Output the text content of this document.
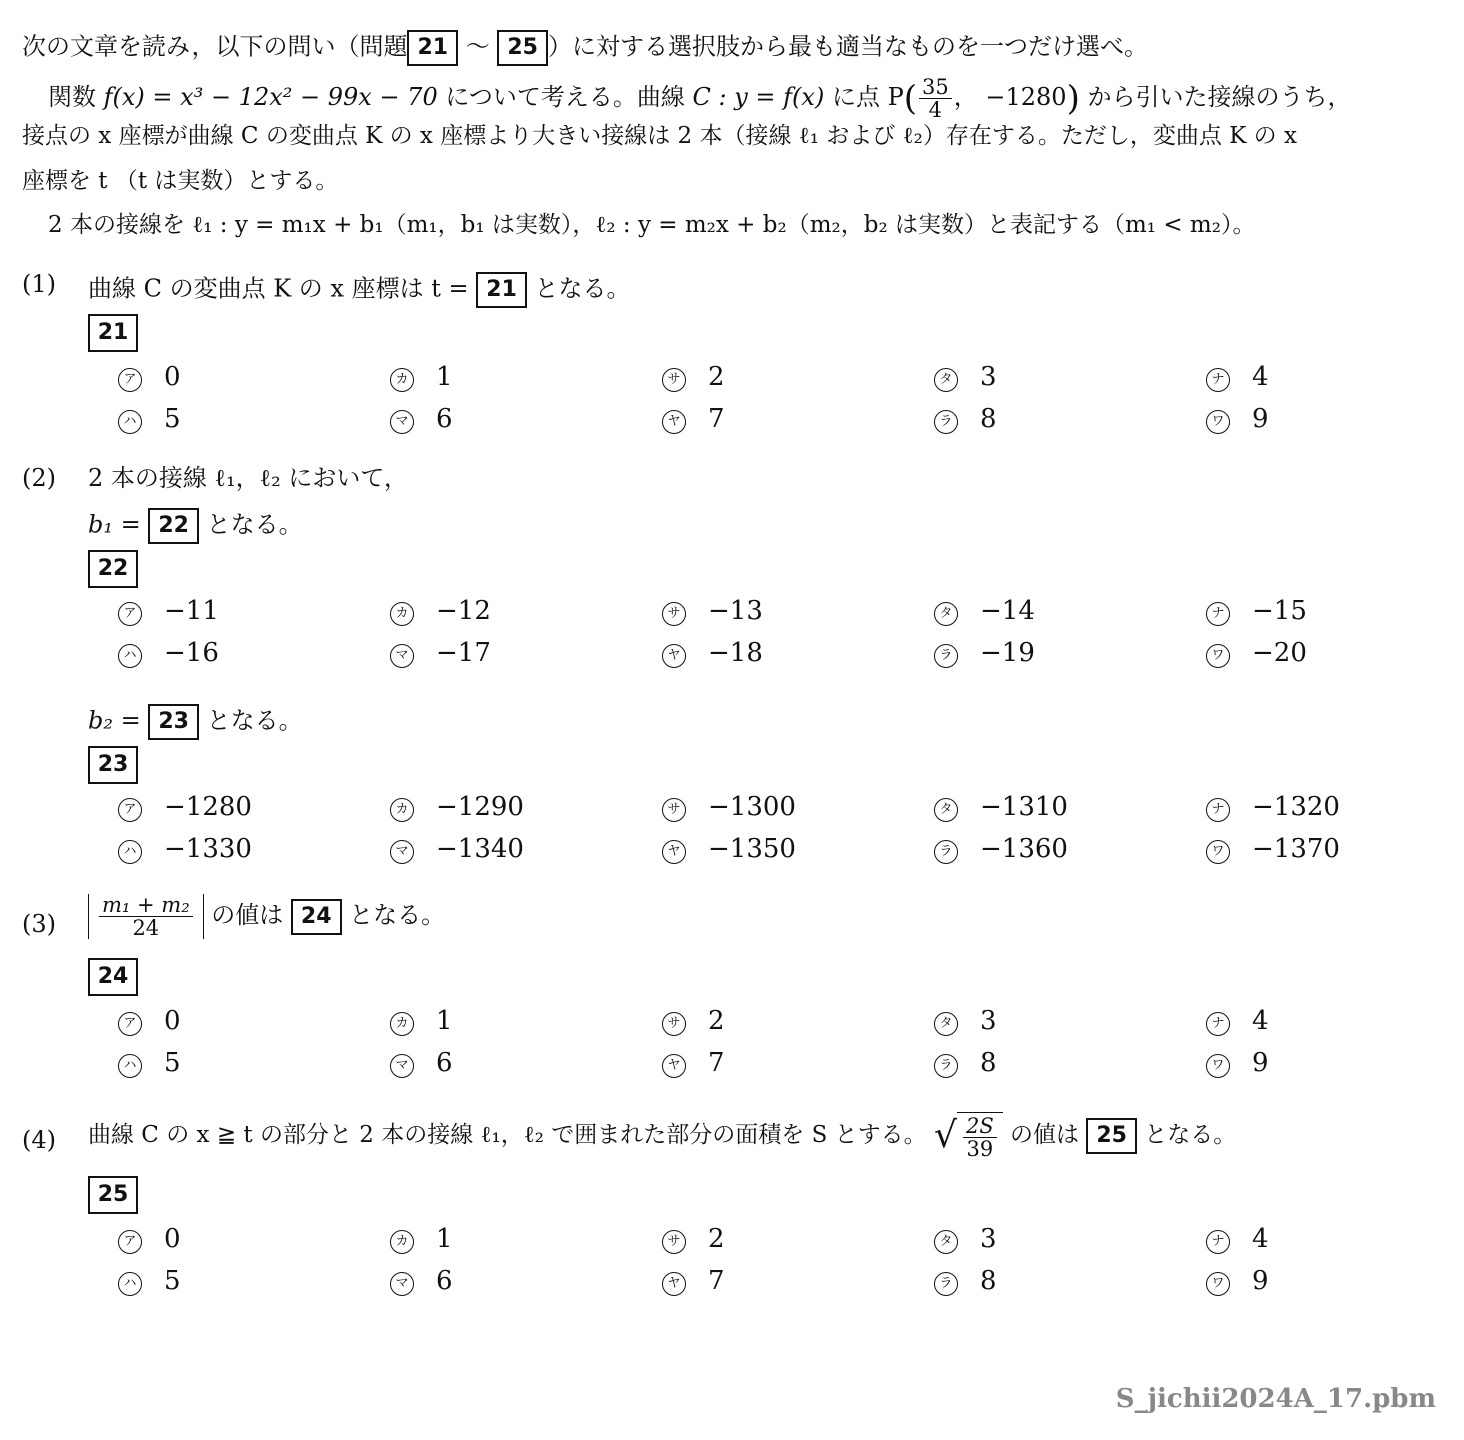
次の文章を読み，以下の問い（問題 21 〜 25 ）に対する選択肢から最も適当なものを一つだけ選べ。
関数 f(x) = x³ − 12x² − 99x − 70 について考える。曲線 C : y = f(x) に点 $P( \frac{35}{4}$ ， −1280) から引いた接線のうち，
接点の x 座標が曲線 C の変曲点 K の x 座標より大きい接線は 2 本（接線 ℓ₁ および ℓ₂）存在する。ただし，変曲点 K の x
座標を t （t は実数）とする。
2 本の接線を ℓ₁ : y = m₁x + b₁（m₁，b₁ は実数），ℓ₂ : y = m₂x + b₂（m₂，b₂ は実数）と表記する（m₁ < m₂）。
(1) 曲線 C の変曲点 K の x 座標は t = 21 となる。
21
ア 0	カ 1	サ 2	タ 3	ナ 4
ハ 5	マ 6	ヤ 7	ラ 8	ワ 9
(2) 2 本の接線 ℓ₁，ℓ₂ において，
b₁ = 22 となる。
22
ア −11	カ −12	サ −13	タ −14	ナ −15
ハ −16	マ −17	ヤ −18	ラ −19	ワ −20
b₂ = 23 となる。
23
ア −1280	カ −1290	サ −1300	タ −1310	ナ −1320
ハ −1330	マ −1340	ヤ −1350	ラ −1360	ワ −1370
$(3) \frac{\text{m₁ + m₂}}{24}$ の値は 24 となる。
24
ア 0	カ 1	サ 2	タ 3	ナ 4
ハ 5	マ 6	ヤ 7	ラ 8	ワ 9
(4) 曲線 C の x ≧ t の部分と 2 本の接線 ℓ₁，ℓ₂ で囲まれた部分の面積を S とする。 √ $\frac{2S}{39}$ の値は 25 となる。
25
ア 0	カ 1	サ 2	タ 3	ナ 4
ハ 5	マ 6	ヤ 7	ラ 8	ワ 9
S_jichii2024A_17.pbm
